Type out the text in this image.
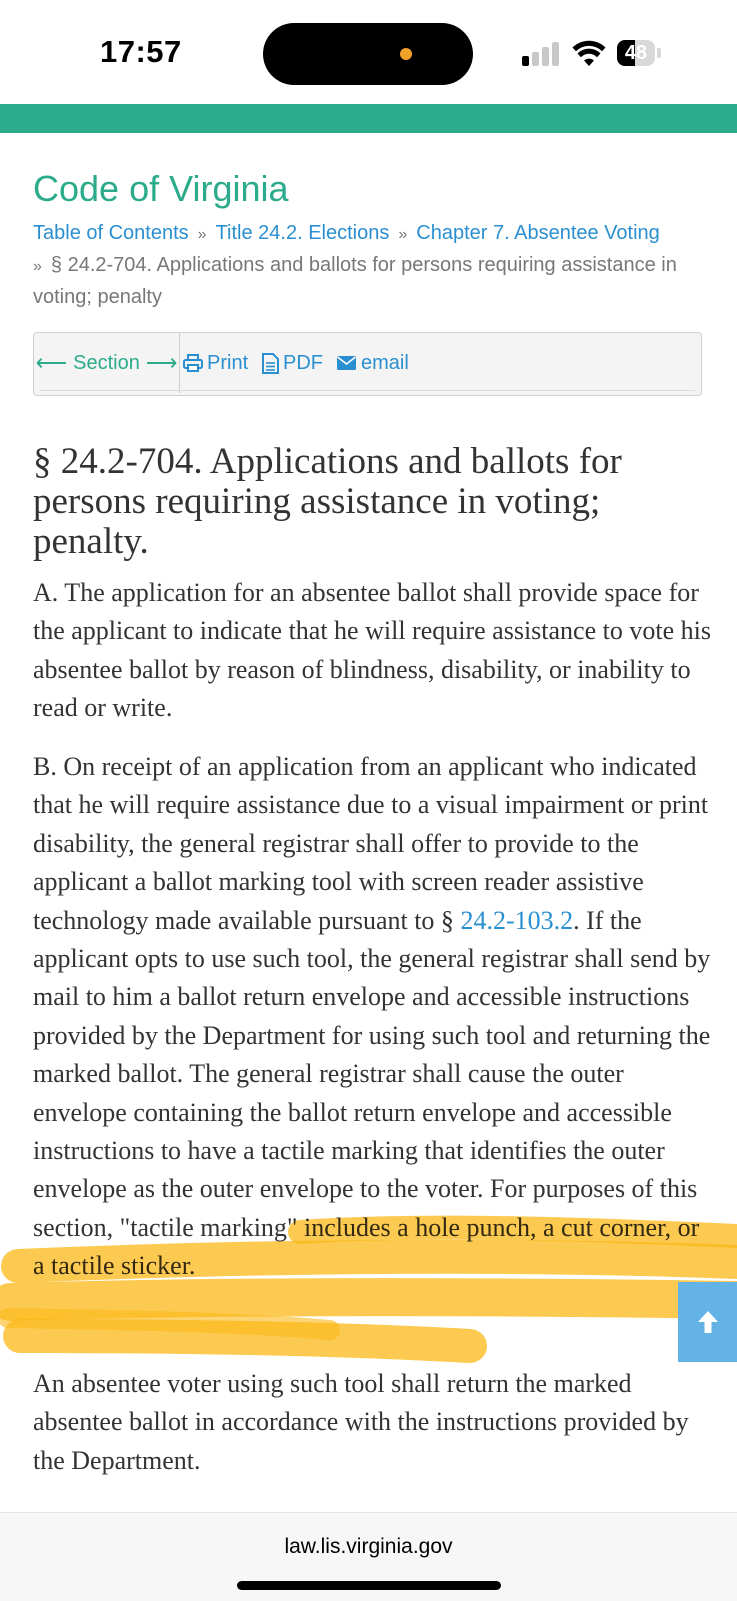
17:57	48
Code of Virginia
Table of Contents » Title 24.2. Elections » Chapter 7. Absentee Voting
» § 24.2-704. Applications and ballots for persons requiring assistance in voting; penalty
⟵ Section ⟶ Print PDF email
§ 24.2-704. Applications and ballots for persons requiring assistance in voting; penalty.

A. The application for an absentee ballot shall provide space for the applicant to indicate that he will require assistance to vote his absentee ballot by reason of blindness, disability, or inability to read or write.

B. On receipt of an application from an applicant who indicated that he will require assistance due to a visual impairment or print disability, the general registrar shall offer to provide to the applicant a ballot marking tool with screen reader assistive technology made available pursuant to § 24.2-103.2. If the applicant opts to use such tool, the general registrar shall send by mail to him a ballot return envelope and accessible instructions provided by the Department for using such tool and returning the marked ballot. The general registrar shall cause the outer envelope containing the ballot return envelope and accessible instructions to have a tactile marking that identifies the outer envelope as the outer envelope to the voter. For purposes of this section, "tactile marking" includes a hole punch, a cut corner, or a tactile sticker.

An absentee voter using such tool shall return the marked absentee ballot in accordance with the instructions provided by the Department.

law.lis.virginia.gov
